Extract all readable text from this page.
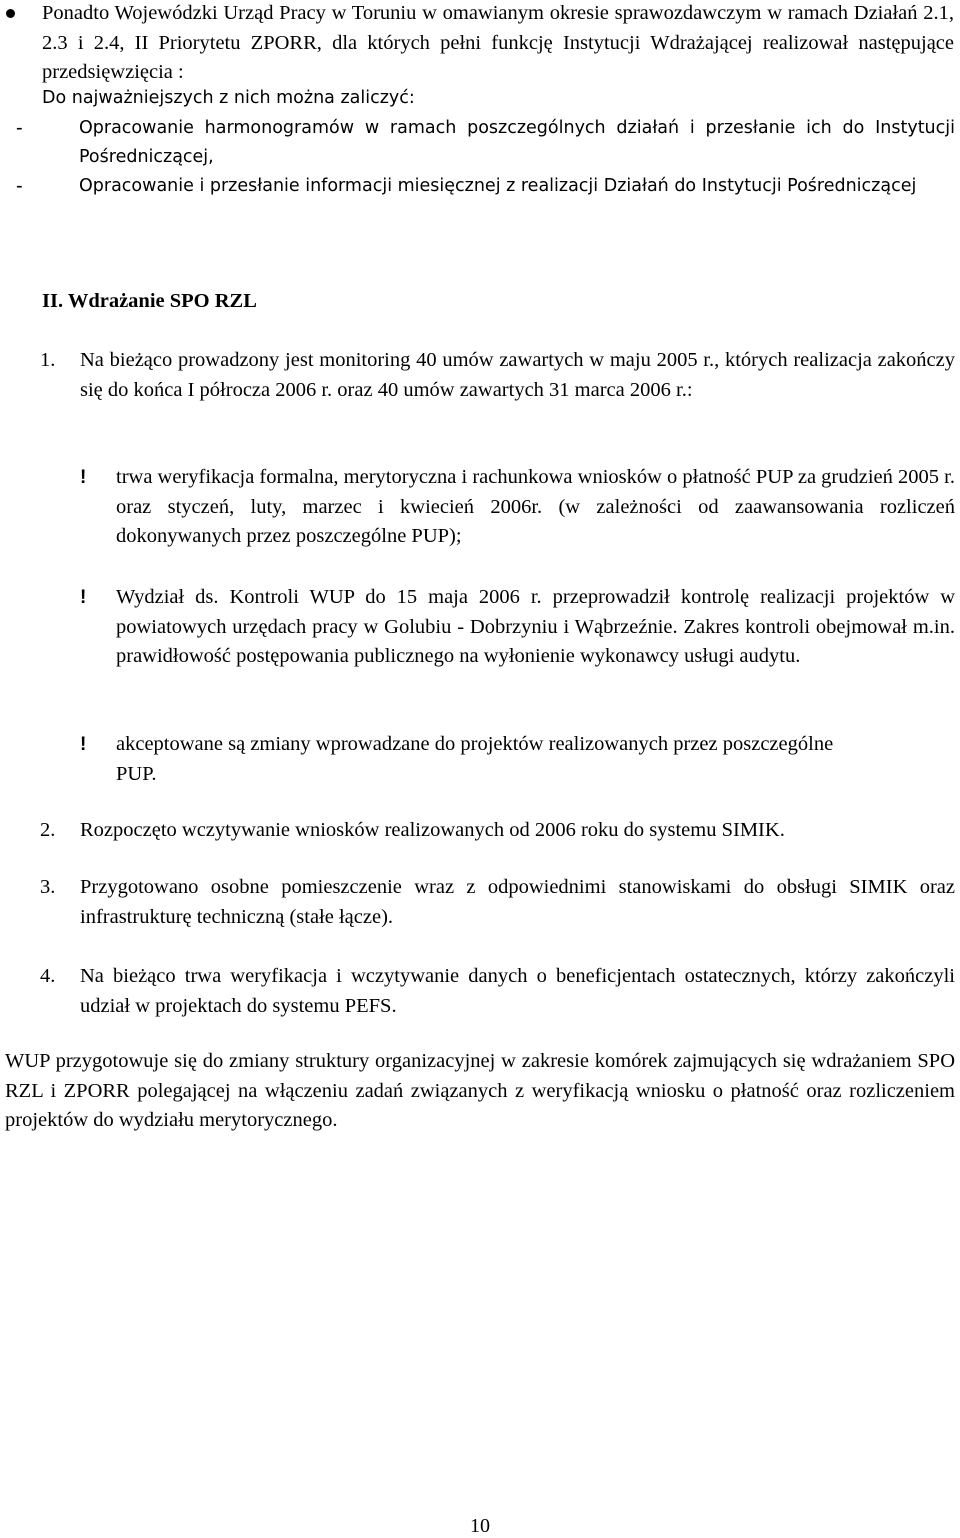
Ponadto Wojewódzki Urząd Pracy w Toruniu w omawianym okresie sprawozdawczym w ramach Działań 2.1, 2.3 i 2.4, II Priorytetu ZPORR, dla których pełni funkcję Instytucji Wdrażającej realizował następujące przedsięwzięcia :

Do najważniejszych z nich można zaliczyć:

-	Opracowanie harmonogramów w ramach poszczególnych działań i przesłanie ich do Instytucji Pośredniczącej,

-	Opracowanie i przesłanie informacji miesięcznej z realizacji Działań do Instytucji Pośredniczącej

II. Wdrażanie SPO RZL

1. Na bieżąco prowadzony jest monitoring 40 umów zawartych w maju 2005 r., których realizacja zakończy się do końca I półrocza 2006 r. oraz 40 umów zawartych 31 marca 2006 r.:

! trwa weryfikacja formalna, merytoryczna i rachunkowa wniosków o płatność PUP za grudzień 2005 r. oraz styczeń, luty, marzec i kwiecień 2006r. (w zależności od zaawansowania rozliczeń dokonywanych przez poszczególne PUP);

! Wydział ds. Kontroli WUP do 15 maja 2006 r. przeprowadził kontrolę realizacji projektów w powiatowych urzędach pracy w Golubiu - Dobrzyniu i Wąbrzeźnie. Zakres kontroli obejmował m.in. prawidłowość postępowania publicznego na wyłonienie wykonawcy usługi audytu.

! akceptowane są zmiany wprowadzane do projektów realizowanych przez poszczególne PUP.

2. Rozpoczęto wczytywanie wniosków realizowanych od 2006 roku do systemu SIMIK.

3. Przygotowano osobne pomieszczenie wraz z odpowiednimi stanowiskami do obsługi SIMIK oraz infrastrukturę techniczną (stałe łącze).

4. Na bieżąco trwa weryfikacja i wczytywanie danych o beneficjentach ostatecznych, którzy zakończyli udział w projektach do systemu PEFS.

WUP przygotowuje się do zmiany struktury organizacyjnej w zakresie komórek zajmujących się wdrażaniem SPO RZL i ZPORR polegającej na włączeniu zadań związanych z weryfikacją wniosku o płatność oraz rozliczeniem projektów do wydziału merytorycznego.

10
